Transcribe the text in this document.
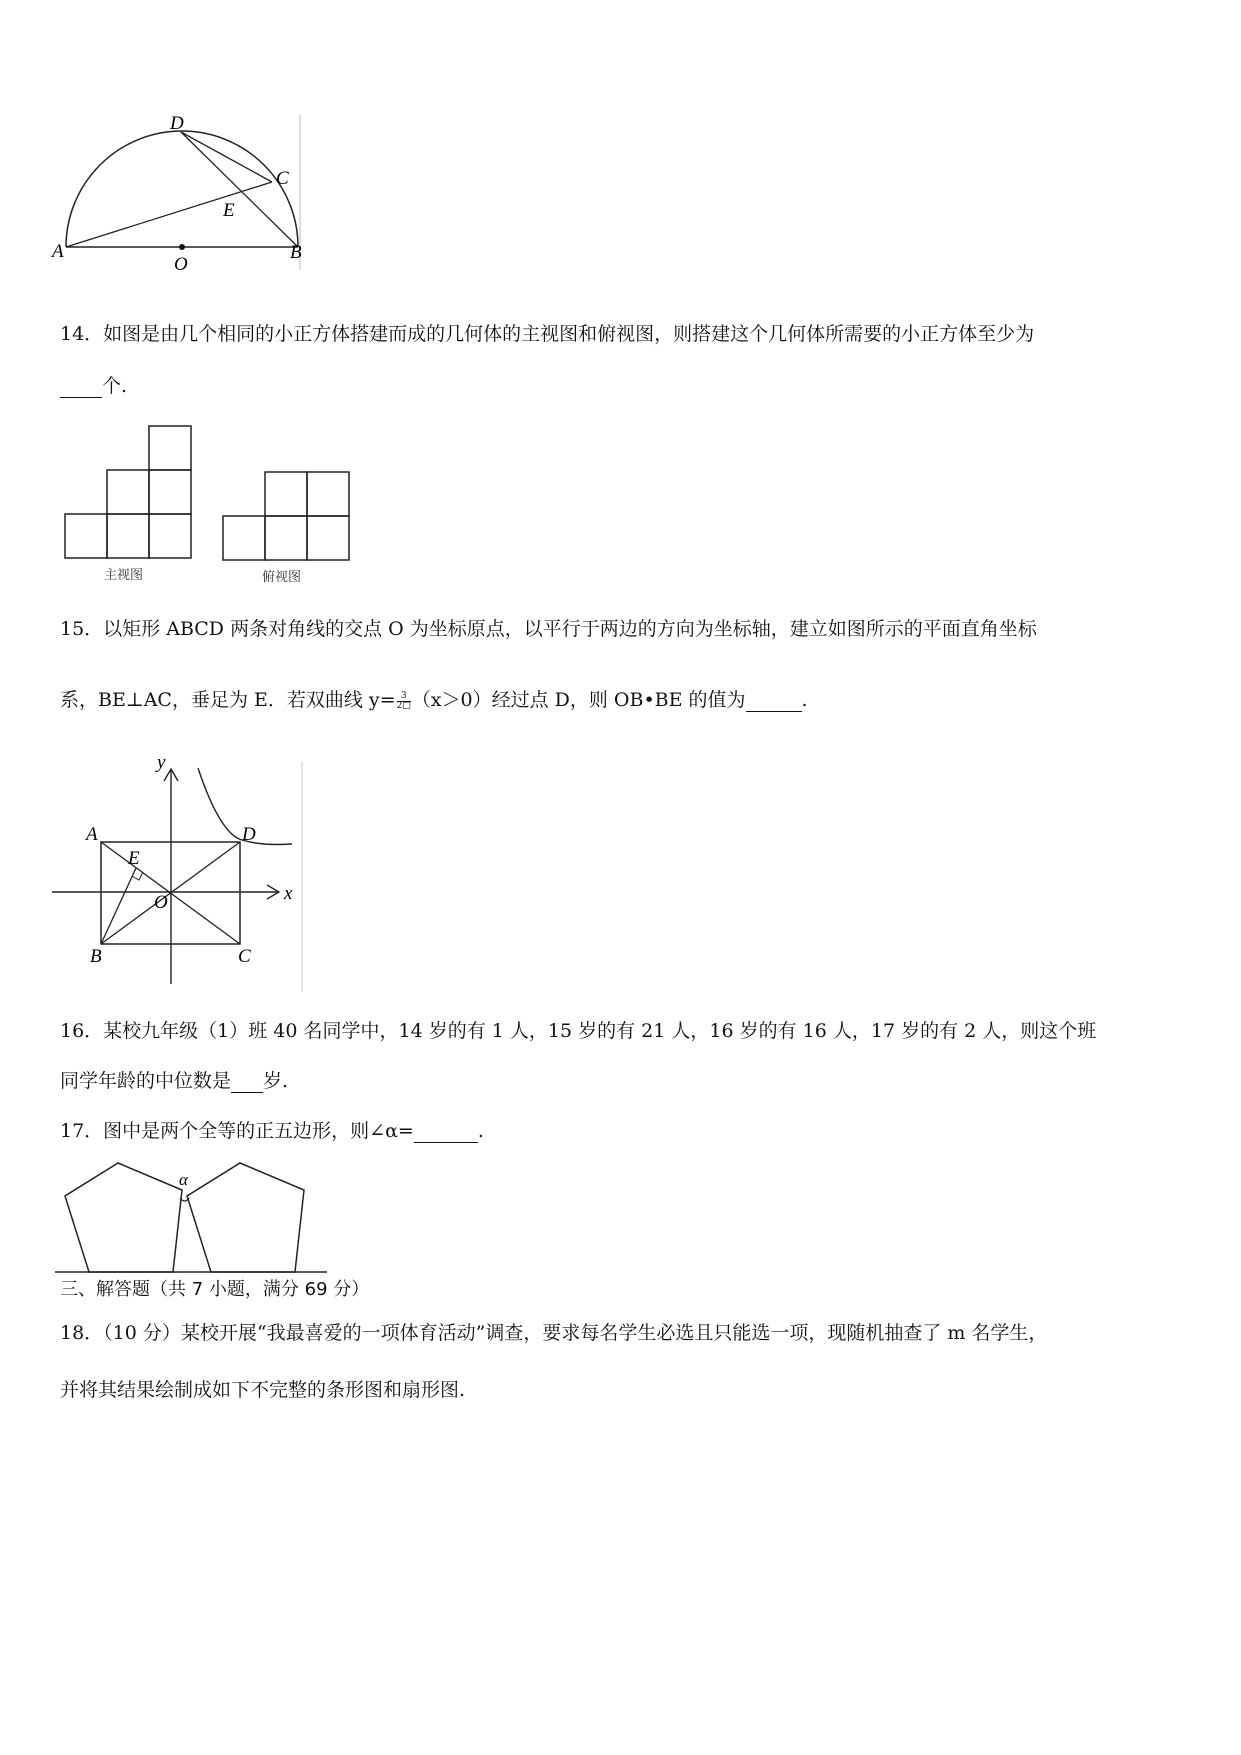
D
C
E
A
O
B
14．如图是由几个相同的小正方体搭建而成的几何体的主视图和俯视图，则搭建这个几何体所需要的小正方体至少为
个.
主视图	俯视图
15．以矩形 ABCD 两条对角线的交点 O 为坐标原点，以平行于两边的方向为坐标轴，建立如图所示的平面直角坐标
系，BE⊥AC，垂足为 E．若双曲线 $y= \frac{3}{2□} (x>0)$经过点 D，则 OB•BE 的值为	.
y
x
A	D
E
O
B	C
16．某校九年级（1）班 40 名同学中，14 岁的有 1 人，15 岁的有 21 人，16 岁的有 16 人，17 岁的有 2 人，则这个班
同学年龄的中位数是 岁.
17．图中是两个全等的正五边形，则∠α=	.
α
三、解答题（共 7 小题，满分 69 分）
18．（10 分）某校开展“我最喜爱的一项体育活动”调查，要求每名学生必选且只能选一项，现随机抽查了 m 名学生，
并将其结果绘制成如下不完整的条形图和扇形图.
